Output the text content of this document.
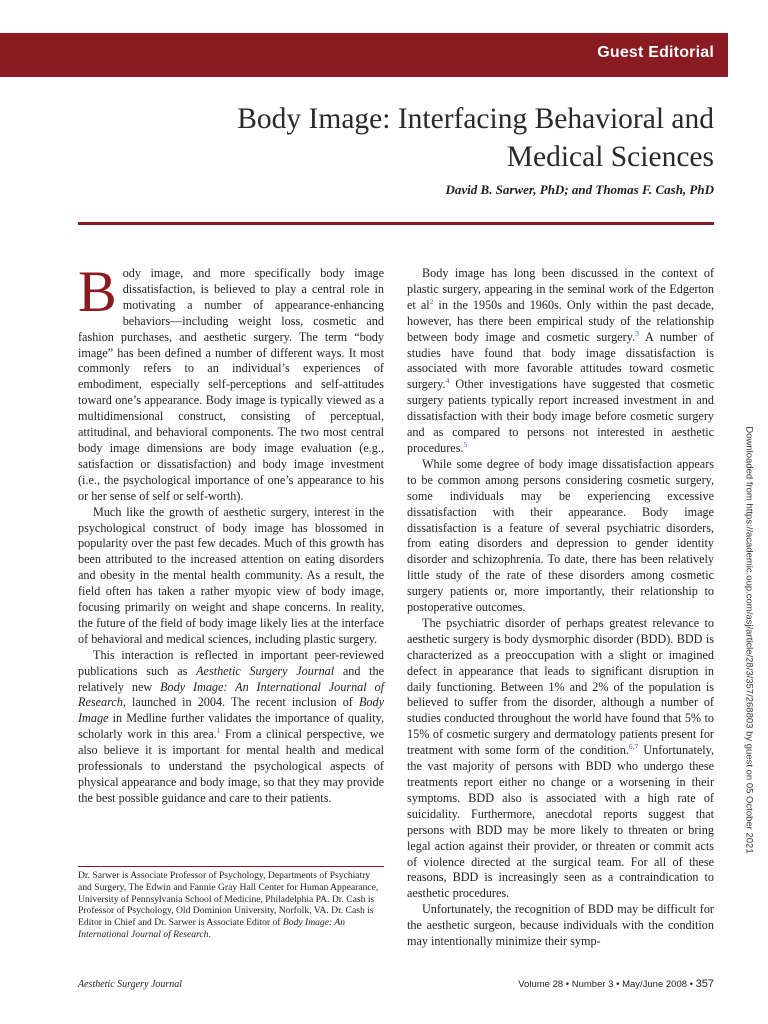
Guest Editorial
Body Image: Interfacing Behavioral and
Medical Sciences
David B. Sarwer, PhD; and Thomas F. Cash, PhD

Body image, and more specifically body image dissatisfaction, is believed to play a central role in motivating a number of appearance-enhancing behaviors—including weight loss, cosmetic and fashion purchases, and aesthetic surgery. The term “body image” has been defined a number of different ways. It most commonly refers to an individual’s experiences of embodiment, especially self-perceptions and self-attitudes toward one’s appearance. Body image is typically viewed as a multidimensional construct, consisting of perceptual, attitudinal, and behavioral components. The two most central body image dimensions are body image evaluation (e.g., satisfaction or dissatisfaction) and body image investment (i.e., the psychological importance of one’s appearance to his or her sense of self or self-worth).

Much like the growth of aesthetic surgery, interest in the psychological construct of body image has blossomed in popularity over the past few decades. Much of this growth has been attributed to the increased attention on eating disorders and obesity in the mental health community. As a result, the field often has taken a rather myopic view of body image, focusing primarily on weight and shape concerns. In reality, the future of the field of body image likely lies at the interface of behavioral and medical sciences, including plastic surgery.

This interaction is reflected in important peer-reviewed publications such as Aesthetic Surgery Journal and the relatively new Body Image: An International Journal of Research, launched in 2004. The recent inclusion of Body Image in Medline further validates the importance of quality, scholarly work in this area.$^1$ From a clinical perspective, we also believe it is important for mental health and medical professionals to understand the psychological aspects of physical appearance and body image, so that they may provide the best possible guidance and care to their patients.

Dr. Sarwer is Associate Professor of Psychology, Departments of Psychiatry and Surgery, The Edwin and Fannie Gray Hall Center for Human Appearance, University of Pennsylvania School of Medicine, Philadelphia PA. Dr. Cash is Professor of Psychology, Old Dominion University, Norfolk, VA. Dr. Cash is Editor in Chief and Dr. Sarwer is Associate Editor of Body Image: An International Journal of Research.

Body image has long been discussed in the context of plastic surgery, appearing in the seminal work of the Edgerton et $al^2$ in the 1950s and 1960s. Only within the past decade, however, has there been empirical study of the relationship between body image and cosmetic surgery.$^3$ A number of studies have found that body image dissatisfaction is associated with more favorable attitudes toward cosmetic surgery.$^4$ Other investigations have suggested that cosmetic surgery patients typically report increased investment in and dissatisfaction with their body image before cosmetic surgery and as compared to persons not interested in aesthetic procedures.$^5$

While some degree of body image dissatisfaction appears to be common among persons considering cosmetic surgery, some individuals may be experiencing excessive dissatisfaction with their appearance. Body image dissatisfaction is a feature of several psychiatric disorders, from eating disorders and depression to gender identity disorder and schizophrenia. To date, there has been relatively little study of the rate of these disorders among cosmetic surgery patients or, more importantly, their relationship to postoperative outcomes.

The psychiatric disorder of perhaps greatest relevance to aesthetic surgery is body dysmorphic disorder (BDD). BDD is characterized as a preoccupation with a slight or imagined defect in appearance that leads to significant disruption in daily functioning. Between 1% and 2% of the population is believed to suffer from the disorder, although a number of studies conducted throughout the world have found that 5% to 15% of cosmetic surgery and dermatology patients present for treatment with some form of the condition.$^{6,7}$ Unfortunately, the vast majority of persons with BDD who undergo these treatments report either no change or a worsening in their symptoms. BDD also is associated with a high rate of suicidality. Furthermore, anecdotal reports suggest that persons with BDD may be more likely to threaten or bring legal action against their provider, or threaten or commit acts of violence directed at the surgical team. For all of these reasons, BDD is increasingly seen as a contraindication to aesthetic procedures.

Unfortunately, the recognition of BDD may be difficult for the aesthetic surgeon, because individuals with the condition may intentionally minimize their symp-

Downloaded from https://academic.oup.com/asj/article/28/3/357/268803 by guest on 05 October 2021
Aesthetic Surgery Journal	Volume 28 • Number 3 • May/June 2008 • 357
